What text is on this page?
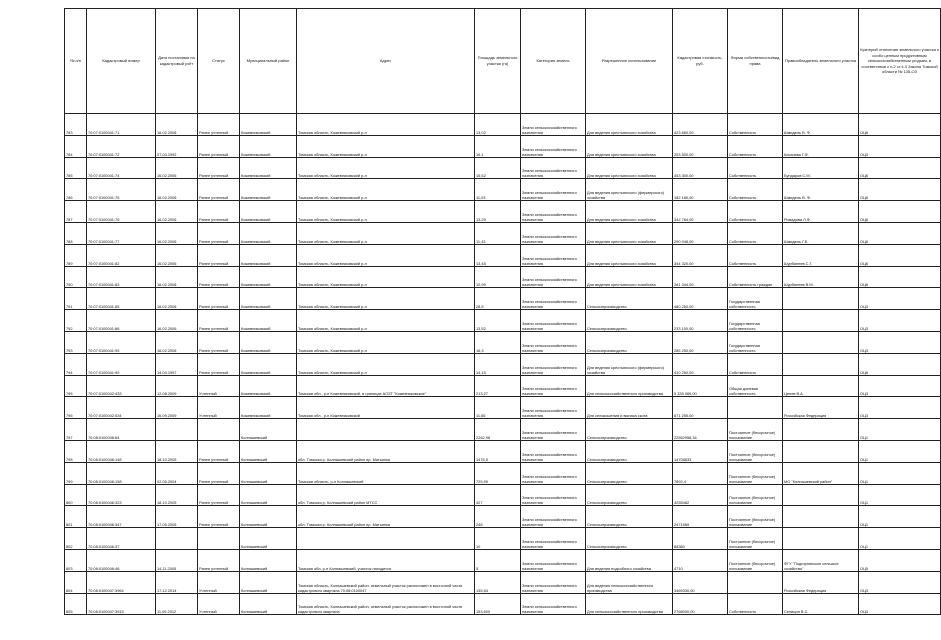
№ п/п	Кадастровый номер	Дата постановки на кадастровый учёт	Статус	Муниципальный район	Адрес	Площадь земельного участка (га)	Категория земель	Разрешенное использование	Кадастровая стоимость, руб.	Форма собственности/вид права	Правообладатель земельного участка	Критерий отнесения земельного участка к особо ценным продуктивным сельскохозяйственным угодьям, в соответствии с п.2 ст.4.3 Закона Томской области № 135-ОЗ
783	70:07:0100041:71	16.02.2006	Ранее учтенный	Кожевниковский	Томская область, Кожевниковский р-н	13,02	Земли сельскохозяйственного назначения	Для ведения крестьянского хозяйства	423 660,00	Собственность	Шмидель В. Ф.	ОЦ6
784	70:07:0100041:72	07.04.1992	Ранее учтенный	Кожевниковский	Томская область, Кожевниковский р-н	16,1	Земли сельскохозяйственного назначения	Для ведения крестьянского хозяйства	253 500,00	Собственность	Косачева Г.Ф.	ОЦ3
785	70:07:0100041:74	16.02.2006	Ранее учтенный	Кожевниковский	Томская область, Кожевниковский р-н	15,52	Земли сельскохозяйственного назначения	Для ведения крестьянского хозяйства	453 300,00	Собственность	Бундаров С.М.	ОЦ6
786	70:07:0100041:75	16.02.2006	Ранее учтенный	Кожевниковский	Томская область, Кожевниковский р-н	11,03	Земли сельскохозяйственного назначения	Для ведения крестьянского (фермерского) хозяйства	182 180,00	Собственность	Шмидель В. Ф.	ОЦ6
787	70:07:0100041:76	16.02.2006	Ранее учтенный	Кожевниковский	Томская область, Кожевниковский р-н	13,29	Земли сельскохозяйственного назначения	Для ведения крестьянского хозяйства	342 784,00	Собственность	Ромадова Л.Ф.	ОЦ6
788	70:07:0100041:77	16.02.2006	Ранее учтенный	Кожевниковский	Томская область, Кожевниковский р-н	11,43	Земли сельскохозяйственного назначения	Для ведения крестьянского хозяйства	290 048,00	Собственность	Шмидель Г.Б.	ОЦ6
789	70:07:0100041:82	16.02.2006	Ранее учтенный	Кожевниковский	Томская область, Кожевниковский р-н	13,45	Земли сельскохозяйственного назначения	Для ведения крестьянского хозяйства	344 320,00	Собственность	Шурбалеев С.Г.	ОЦ6
790	70:07:0100041:83	16.02.2006	Ранее учтенный	Кожевниковский	Томская область, Кожевниковский р-н	10,99	Земли сельскохозяйственного назначения	Для ведения крестьянского хозяйства	281 344,00	Собственность граждан	Шурбалеев В.М.	ОЦ6
791	70:07:0100041:85	16.02.2006	Ранее учтенный	Кожевниковский	Томская область, Кожевниковский р-н	28,5	Земли сельскохозяйственного назначения	Сельхозпроизводство	480 250,00	Государственная собственность		ОЦ3
792	70:07:0100041:86	16.02.2006	Ранее учтенный	Кожевниковский	Томская область, Кожевниковский р-н	13,52	Земли сельскохозяйственного назначения	Сельхозпроизводство	233 100,00	Государственная собственность		ОЦ3
793	70:07:0100041:95	16.02.2006	Ранее учтенный	Кожевниковский	Томская область, Кожевниковский р-н	16,3	Земли сельскохозяйственного назначения	Сельхозпроизводство	285 250,00	Государственная собственность		ОЦ3
794	70:07:0100041:99	14.04.1997	Ранее учтенный	Кожевниковский	Томская область, Кожевниковский р-н	14,15	Земли сельскохозяйственного назначения	Для ведения крестьянского (фермерского) хозяйства	410 250,00	Собственность		ОЦ6
795	70:07:0100042:433	12.08.2009	Учтенный	Кожевниковский	Томская обл., р-н Кожевниковский, в границах АОЗТ "Кожевниковское"	213,27	Земли сельскохозяйственного назначения	Для сельскохозяйственного производства	5 335 069,00	Общая долевая собственность	Ценев В.А.	ОЦ3
796	70:07:0100042:534	16.09.2009	Учтенный	Кожевниковский	Томская обл., р-н Кожевниковский	11,65	Земли сельскохозяйственного назначения	Для сенокошения и выпаса скота	871 255,00		Российская Федерация	ОЦ3
797	70:08:0100046:64			Колпашевский		2262,98	Земли сельскохозяйственного назначения	Сельхозпроизводство	22552958,34	Постоянное (бессрочное) пользование		ОЦ1
798	70:08:0100046:148	18.10.2005	Ранее учтенный	Колпашевский	обл. Томская р. Колпашевский район пр. Матьянка	1476,5	Земли сельскохозяйственного назначения	Сельхозпроизводство	14708833	Постоянное (бессрочное) пользование		ОЦ1
799	70:08:0100046:158	02.05.2004	Ранее учтенный	Колпашевский	Томская область, р-н Колпашевский	725,99	Земли сельскохозяйственного назначения	Сельхозпроизводство	7892,4	Постоянное (бессрочное) пользование	МО "Колпашевский район"	ОЦ1
800	70:08:0100046:323	18.10.2005	Ранее учтенный	Колпашевский	обл. Томская р. Колпашевский район МТСС	427	Земли сельскохозяйственного назначения	Сельхозпроизводство	4255482	Постоянное (бессрочное) пользование		ОЦ1
801	70:08:0100046:347	17.05.2005	Ранее учтенный	Колпашевский	обл. Томская р. Колпашевский район пр. Матьянка	248	Земли сельскохозяйственного назначения	Сельхозпроизводство	2471569	Постоянное (бессрочное) пользование		ОЦ1
802	70:08:0100046:37			Колпашевский		10	Земли сельскохозяйственного назначения	Сельхозпроизводство	88360	Постоянное (бессрочное) пользование		ОЦ1
803	70:08:0100046:46	14.11.2005	Ранее учтенный	Колпашевский	Томская обл, р-н Колпашевский, участок находится	5	Земли сельскохозяйственного назначения	Для ведения подсобного хозяйства	4710	Постоянное (бессрочное) пользование	ФГУ "Подгорнянское сельское хозяйство"	ОЦ5
804	70:08:0100047:3964	17.12.2014	Учтенный	Колпашевский	Томская область, Колпашевский район, земельный участок расположен в восточной части кадастрового квартала 70:08:0100047	135,54	Земли сельскохозяйственного назначения	Для ведения сельскохозяйственного производства	3469330,00		Российская Федерация	ОЦ3
805	70:08:0100047:3919	11.09.2012	Учтенный	Колпашевский	Томская область, Колпашевский район, земельный участок расположен в восточной части кадастрового квартала	153,600	Земли сельскохозяйственного назначения	Для сельскохозяйственного производства	2768000,00	Собственность	Селицин В.С.	ОЦ3
